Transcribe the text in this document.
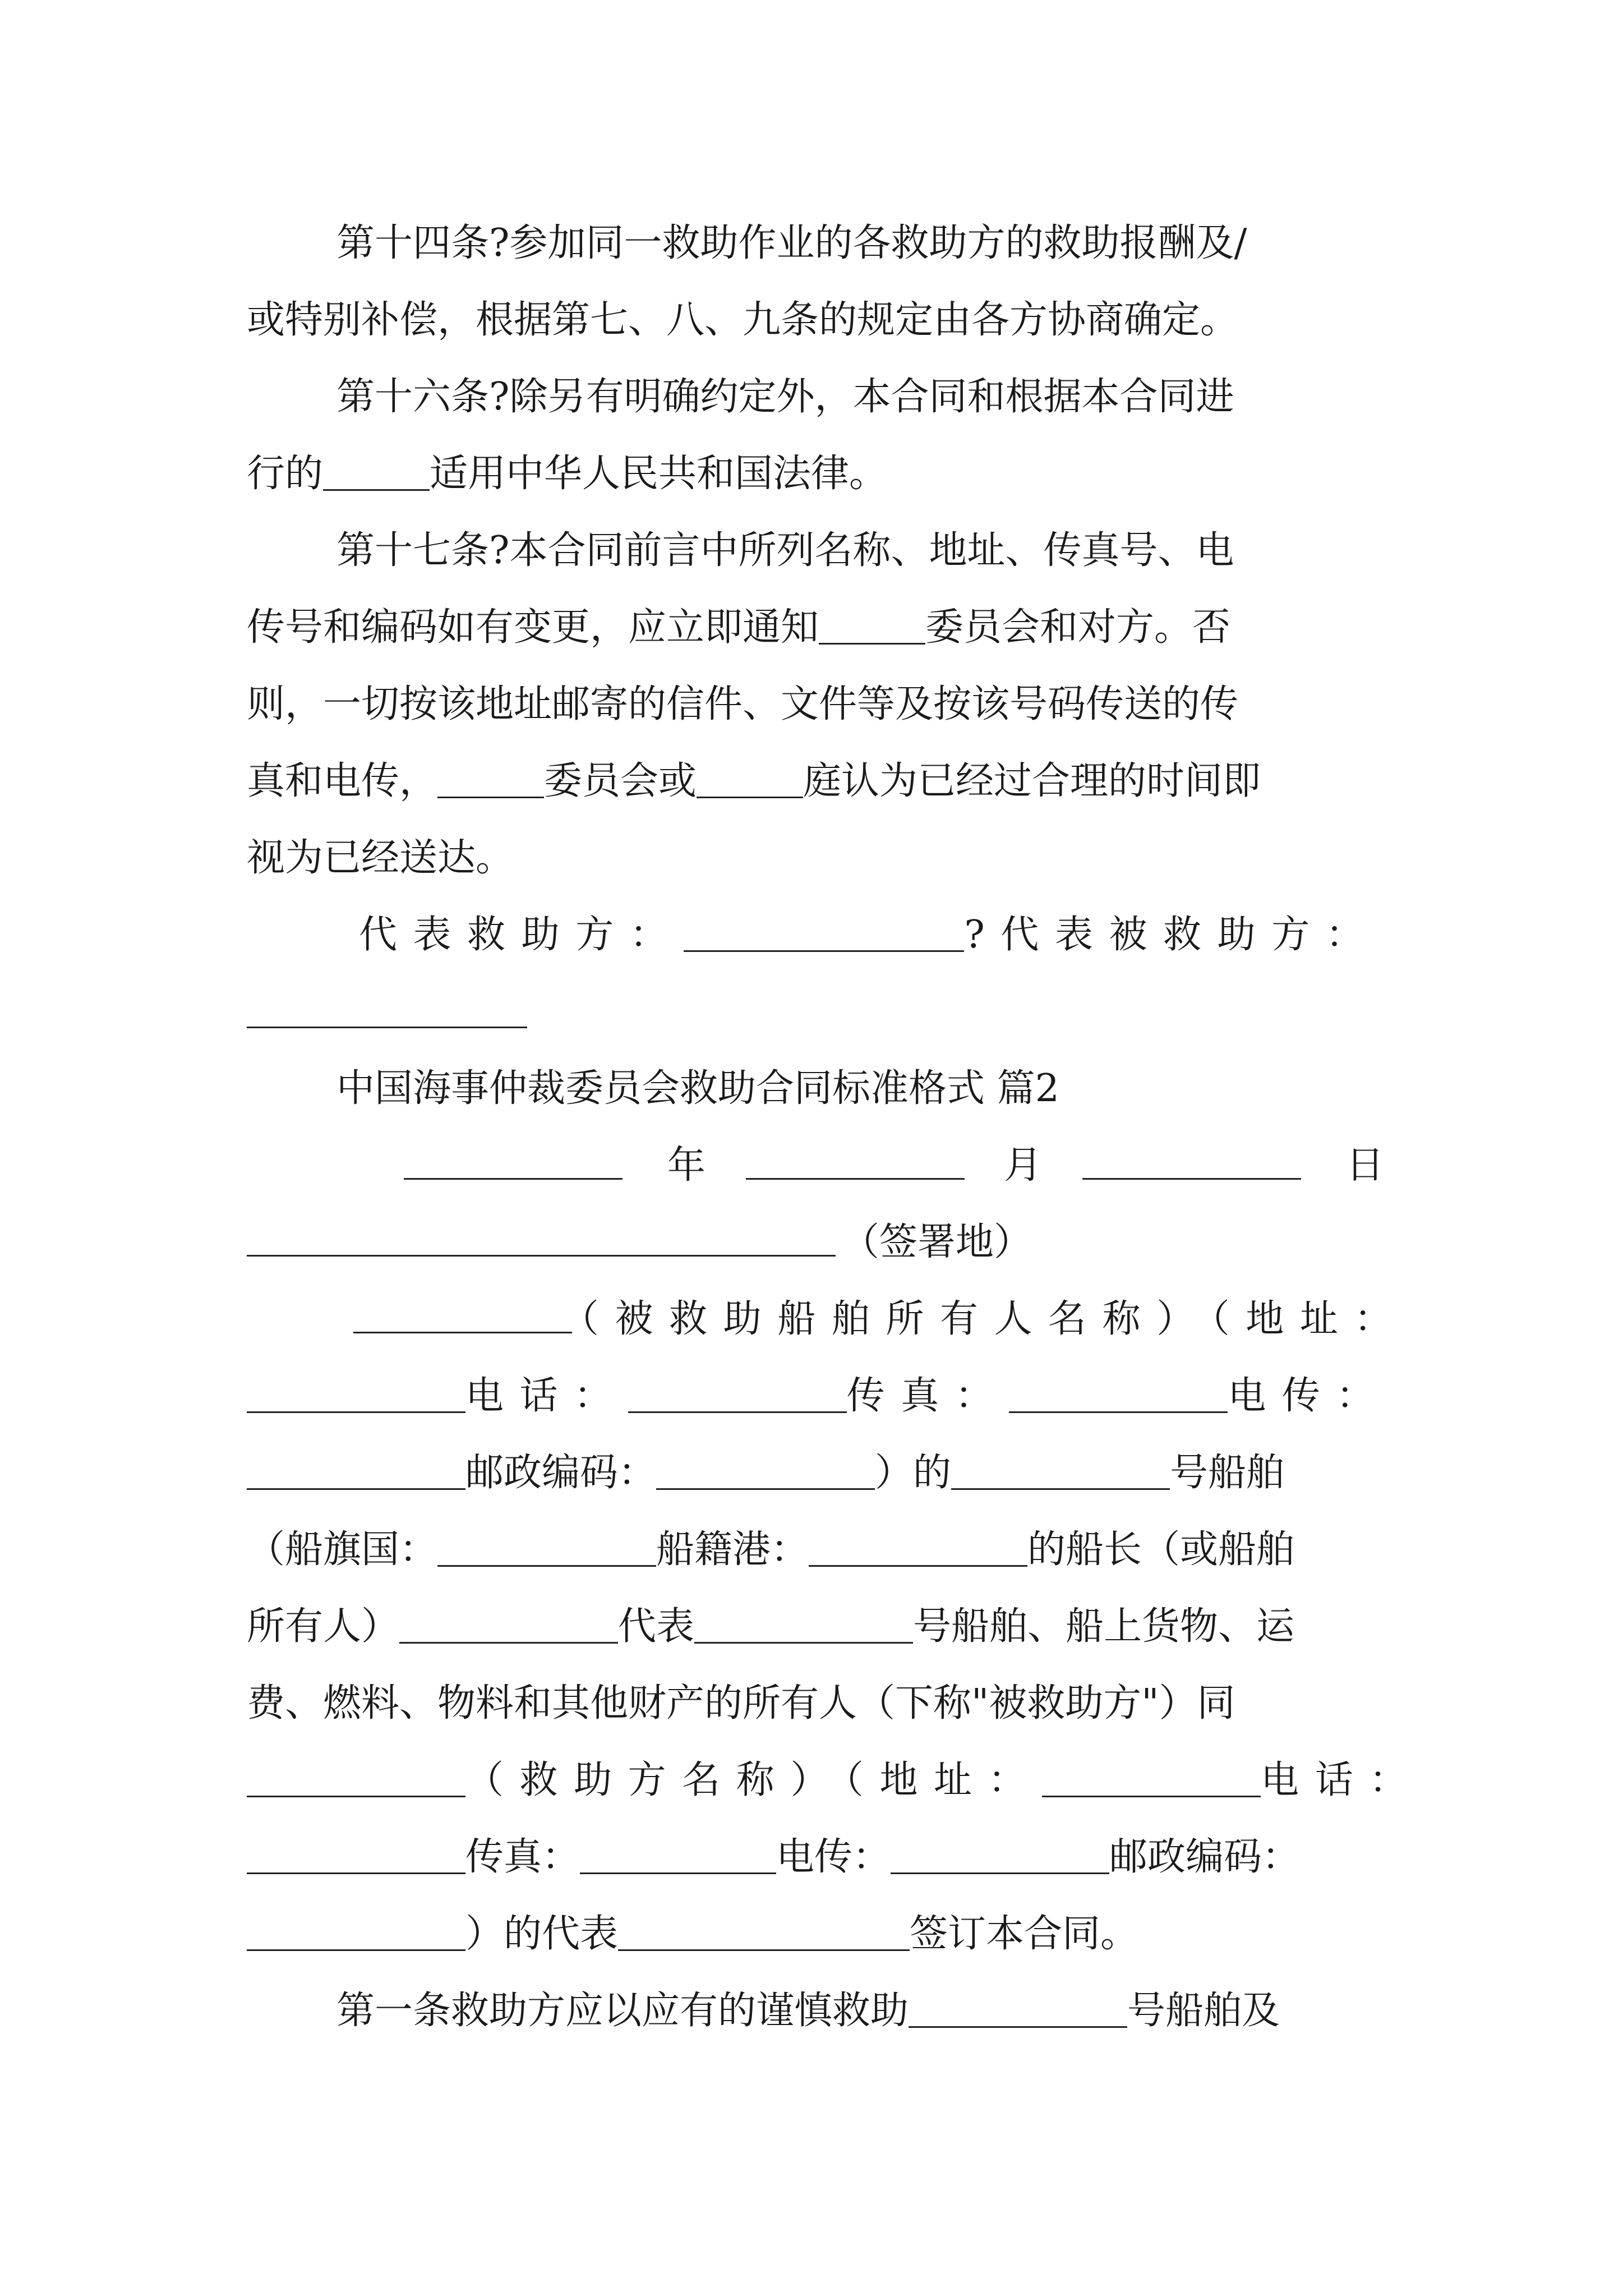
第十四条?参加同一救助作业的各救助方的救助报酬及/
或特别补偿，根据第七、八、九条的规定由各方协商确定。
第十六条?除另有明确约定外，本合同和根据本合同进
行的	适用中华人民共和国法律。
第十七条?本合同前言中所列名称、地址、传真号、电
传号和编码如有变更，应立即通知	委员会和对方。否
则，一切按该地址邮寄的信件、文件等及按该号码传送的传
真和电传，	委员会或	庭认为已经过合理的时间即
视为已经送达。
代表救助方：	?代表被救助方：
中国海事仲裁委员会救助合同标准格式 篇2
年	月	日
（签署地）
（被救助船舶所有人名称）（地址：
电话：	传真：	电传：
邮政编码：	）的	号船舶
（船旗国：	船籍港：	的船长（或船舶
所有人）	代表	号船舶、船上货物、运
费、燃料、物料和其他财产的所有人（下称"被救助方"）同
（救助方名称）（地址：	电话：
传真：	电传：	邮政编码：
）的代表	签订本合同。
第一条救助方应以应有的谨慎救助	号船舶及
